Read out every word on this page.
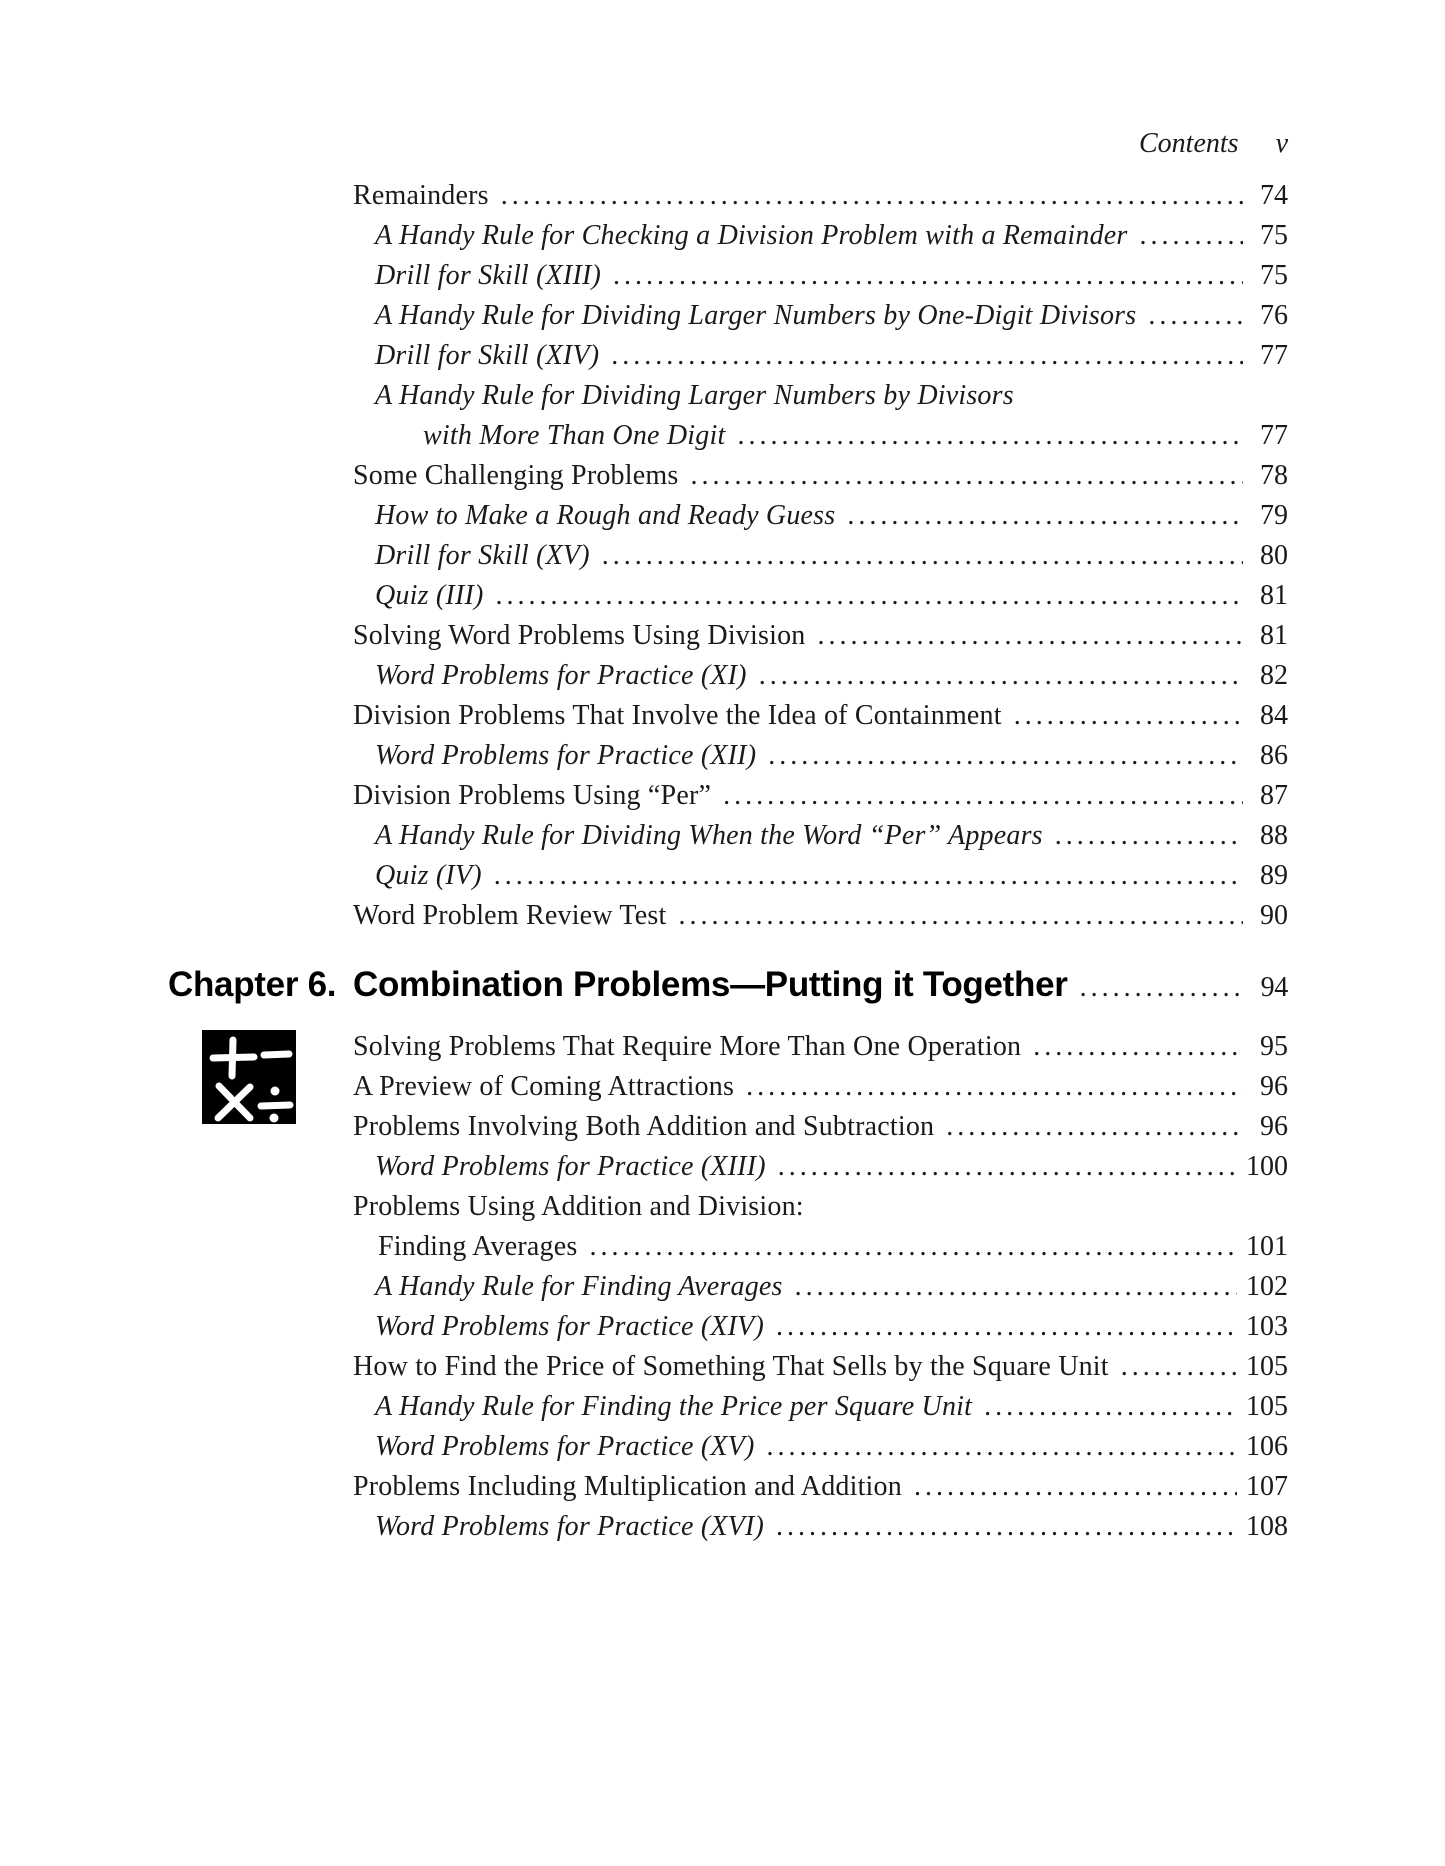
Contents v
Remainders .....	74
A Handy Rule for Checking a Division Problem with a Remainder .....	75
Drill for Skill (XIII) .....	75
A Handy Rule for Dividing Larger Numbers by One-Digit Divisors .....	76
Drill for Skill (XIV) .....	77
A Handy Rule for Dividing Larger Numbers by Divisors
with More Than One Digit .....	77
Some Challenging Problems .....	78
How to Make a Rough and Ready Guess .....	79
Drill for Skill (XV) .....	80
Quiz (III) .....	81
Solving Word Problems Using Division .....	81
Word Problems for Practice (XI) .....	82
Division Problems That Involve the Idea of Containment .....	84
Word Problems for Practice (XII) .....	86
Division Problems Using “Per” .....	87
A Handy Rule for Dividing When the Word “Per” Appears .....	88
Quiz (IV) .....	89
Word Problem Review Test .....	90
Chapter 6. Combination Problems—Putting it Together .....	94
Solving Problems That Require More Than One Operation .....	95
A Preview of Coming Attractions .....	96
Problems Involving Both Addition and Subtraction .....	96
Word Problems for Practice (XIII) .....	100
Problems Using Addition and Division:
Finding Averages .....	101
A Handy Rule for Finding Averages .....	102
Word Problems for Practice (XIV) .....	103
How to Find the Price of Something That Sells by the Square Unit .....	105
A Handy Rule for Finding the Price per Square Unit .....	105
Word Problems for Practice (XV) .....	106
Problems Including Multiplication and Addition .....	107
Word Problems for Practice (XVI) .....	108
